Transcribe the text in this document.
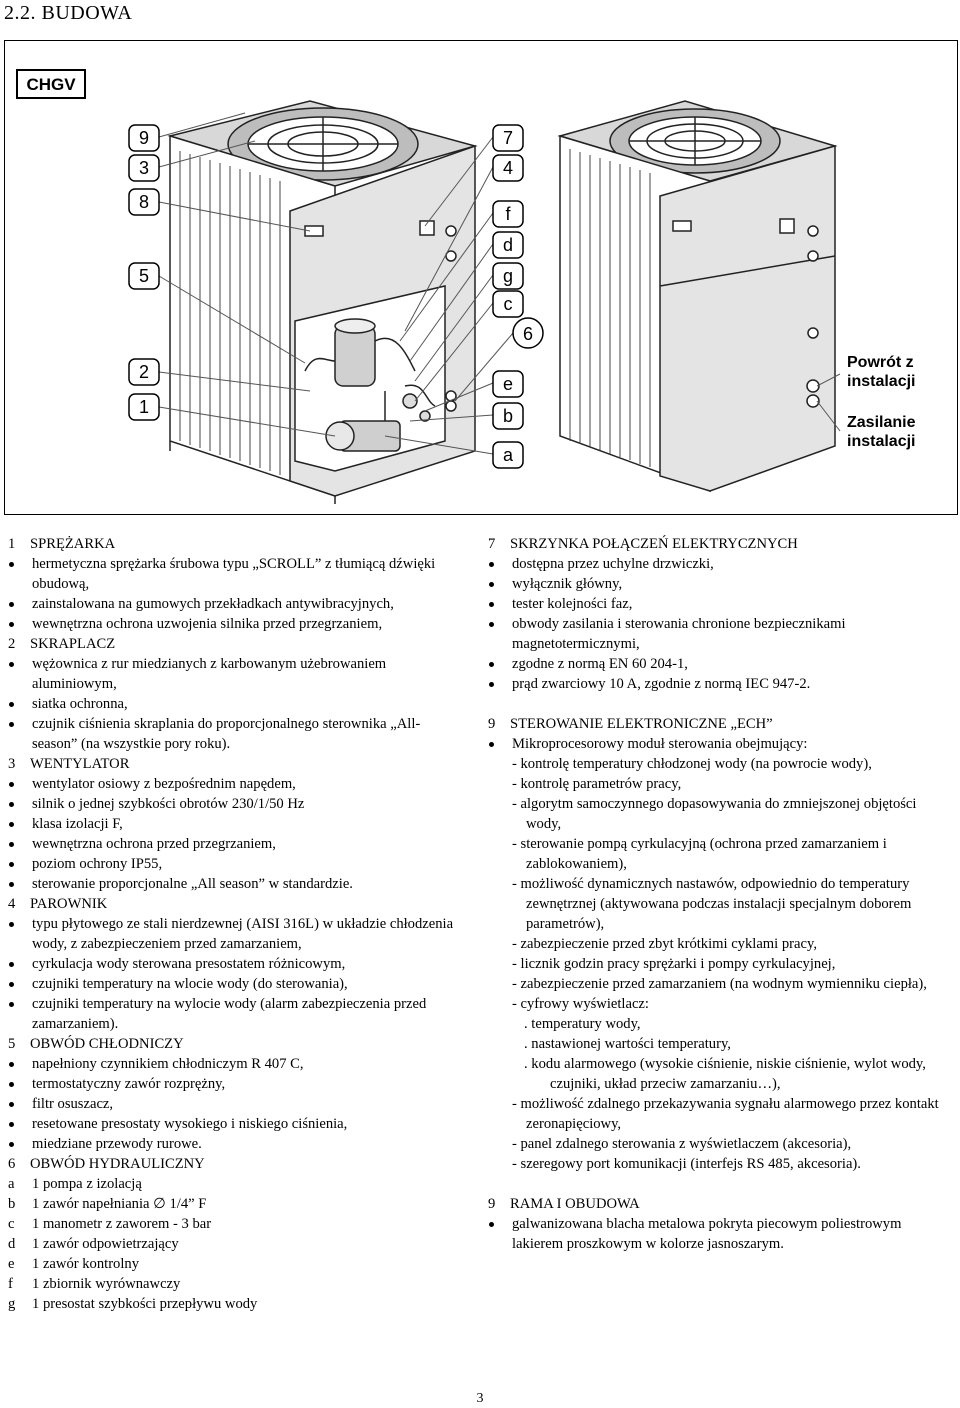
2.2. BUDOWA
CHGV
9
3
8
5
2
1
7
4
f
d
g
c
6
e
b
a
Powrót z
instalacji
Zasilanie
instalacji
1	SPRĘŻARKA
hermetyczna sprężarka śrubowa typu „SCROLL” z tłumiącą dźwięki obudową,
zainstalowana na gumowych przekładkach antywibracyjnych,
wewnętrzna ochrona uzwojenia silnika przed przegrzaniem,
2	SKRAPLACZ
wężownica z rur miedzianych z karbowanym użebrowaniem aluminiowym,
siatka ochronna,
czujnik ciśnienia skraplania do proporcjonalnego sterownika „All-season” (na wszystkie pory roku).
3	WENTYLATOR
wentylator osiowy z bezpośrednim napędem,
silnik o jednej szybkości obrotów 230/1/50 Hz
klasa izolacji F,
wewnętrzna ochrona przed przegrzaniem,
poziom ochrony IP55,
sterowanie proporcjonalne „All season” w standardzie.
4	PAROWNIK
typu płytowego ze stali nierdzewnej (AISI 316L) w układzie chłodzenia wody, z zabezpieczeniem przed zamarzaniem,
cyrkulacja wody sterowana presostatem różnicowym,
czujniki temperatury na wlocie wody (do sterowania),
czujniki temperatury na wylocie wody (alarm zabezpieczenia przed zamarzaniem).
5	OBWÓD CHŁODNICZY
napełniony czynnikiem chłodniczym R 407 C,
termostatyczny zawór rozprężny,
filtr osuszacz,
resetowane presostaty wysokiego i niskiego ciśnienia,
miedziane przewody rurowe.
6	OBWÓD HYDRAULICZNY
a	1 pompa z izolacją
b	1 zawór napełniania ∅ 1/4” F
c	1 manometr z zaworem - 3 bar
d	1 zawór odpowietrzający
e	1 zawór kontrolny
f	1 zbiornik wyrównawczy
g	1 presostat szybkości przepływu wody
7	SKRZYNKA POŁĄCZEŃ ELEKTRYCZNYCH
dostępna przez uchylne drzwiczki,
wyłącznik główny,
tester kolejności faz,
obwody zasilania i sterowania chronione bezpiecznikami magnetotermicznymi,
zgodne z normą EN 60 204-1,
prąd zwarciowy 10 A, zgodnie z normą IEC 947-2.
9	STEROWANIE ELEKTRONICZNE „ECH”
Mikroprocesorowy moduł sterowania obejmujący:
- kontrolę temperatury chłodzonej wody (na powrocie wody),
- kontrolę parametrów pracy,
- algorytm samoczynnego dopasowywania do zmniejszonej objętości wody,
- sterowanie pompą cyrkulacyjną (ochrona przed zamarzaniem i zablokowaniem),
- możliwość dynamicznych nastawów, odpowiednio do temperatury zewnętrznej (aktywowana podczas instalacji specjalnym doborem parametrów),
- zabezpieczenie przed zbyt krótkimi cyklami pracy,
- licznik godzin pracy sprężarki i pompy cyrkulacyjnej,
- zabezpieczenie przed zamarzaniem (na wodnym wymienniku ciepła),
- cyfrowy wyświetlacz:
. temperatury wody,
. nastawionej wartości temperatury,
. kodu alarmowego (wysokie ciśnienie, niskie ciśnienie, wylot wody, czujniki, układ przeciw zamarzaniu…),
- możliwość zdalnego przekazywania sygnału alarmowego przez kontakt zeronapięciowy,
- panel zdalnego sterowania z wyświetlaczem (akcesoria),
- szeregowy port komunikacji (interfejs RS 485, akcesoria).
9	RAMA I OBUDOWA
galwanizowana blacha metalowa pokryta piecowym poliestrowym lakierem proszkowym w kolorze jasnoszarym.
3
